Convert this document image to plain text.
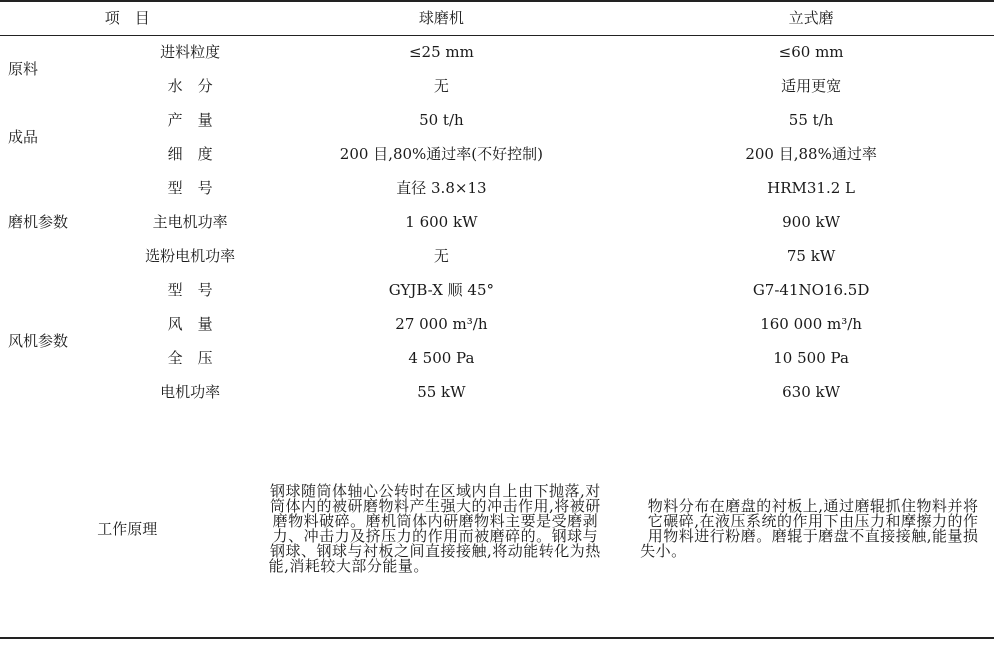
项　目		球磨机	立式磨
原料	进料粒度	≤25 mm	≤60 mm
	水　分	无	适用更宽
成品	产　量	50 t/h	55 t/h
	细　度	200 目,80%通过率(不好控制)	200 目,88%通过率
磨机参数	型　号	直径 3.8×13	HRM31.2 L
	主电机功率	1 600 kW	900 kW
	选粉电机功率	无	75 kW
风机参数	型　号	GYJB-X 顺 45°	G7-41NO16.5D
	风　量	27 000 m³/h	160 000 m³/h
	全　压	4 500 Pa	10 500 Pa
	电机功率	55 kW	630 kW

工作原理		钢球随筒体轴心公转时在区域内自上由下抛落,对筒体内的被研磨物料产生强大的冲击作用,将被研磨物料破碎。磨机筒体内研磨物料主要是受磨剥力、冲击力及挤压力的作用而被磨碎的。钢球与钢球、钢球与衬板之间直接接触,将动能转化为热能,消耗较大部分能量。	物料分布在磨盘的衬板上,通过磨辊抓住物料并将它碾碎,在液压系统的作用下由压力和摩擦力的作用物料进行粉磨。磨辊于磨盘不直接接触,能量损失小。
